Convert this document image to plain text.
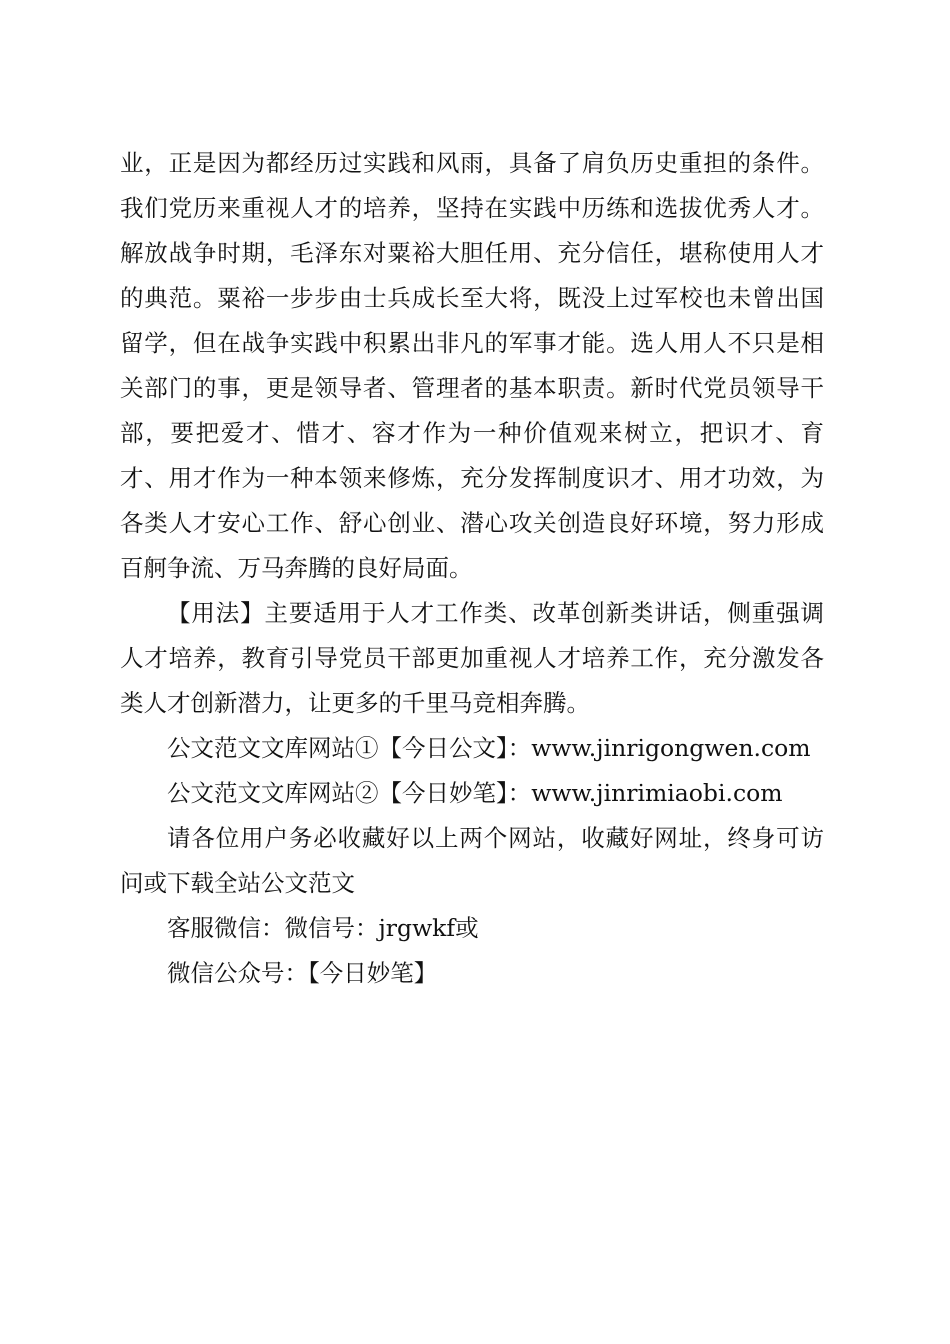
业，正是因为都经历过实践和风雨，具备了肩负历史重担的条件。我们党历来重视人才的培养，坚持在实践中历练和选拔优秀人才。解放战争时期，毛泽东对粟裕大胆任用、充分信任，堪称使用人才的典范。粟裕一步步由士兵成长至大将，既没上过军校也未曾出国留学，但在战争实践中积累出非凡的军事才能。选人用人不只是相关部门的事，更是领导者、管理者的基本职责。新时代党员领导干部，要把爱才、惜才、容才作为一种价值观来树立，把识才、育才、用才作为一种本领来修炼，充分发挥制度识才、用才功效，为各类人才安心工作、舒心创业、潜心攻关创造良好环境，努力形成百舸争流、万马奔腾的良好局面。

【用法】主要适用于人才工作类、改革创新类讲话，侧重强调人才培养，教育引导党员干部更加重视人才培养工作，充分激发各类人才创新潜力，让更多的千里马竞相奔腾。

公文范文文库网站①【今日公文】：www.jinrigongwen.com

公文范文文库网站②【今日妙笔】：www.jinrimiaobi.com

请各位用户务必收藏好以上两个网站，收藏好网址，终身可访问或下载全站公文范文

客服微信：微信号：jrgwkf或

微信公众号：【今日妙笔】
